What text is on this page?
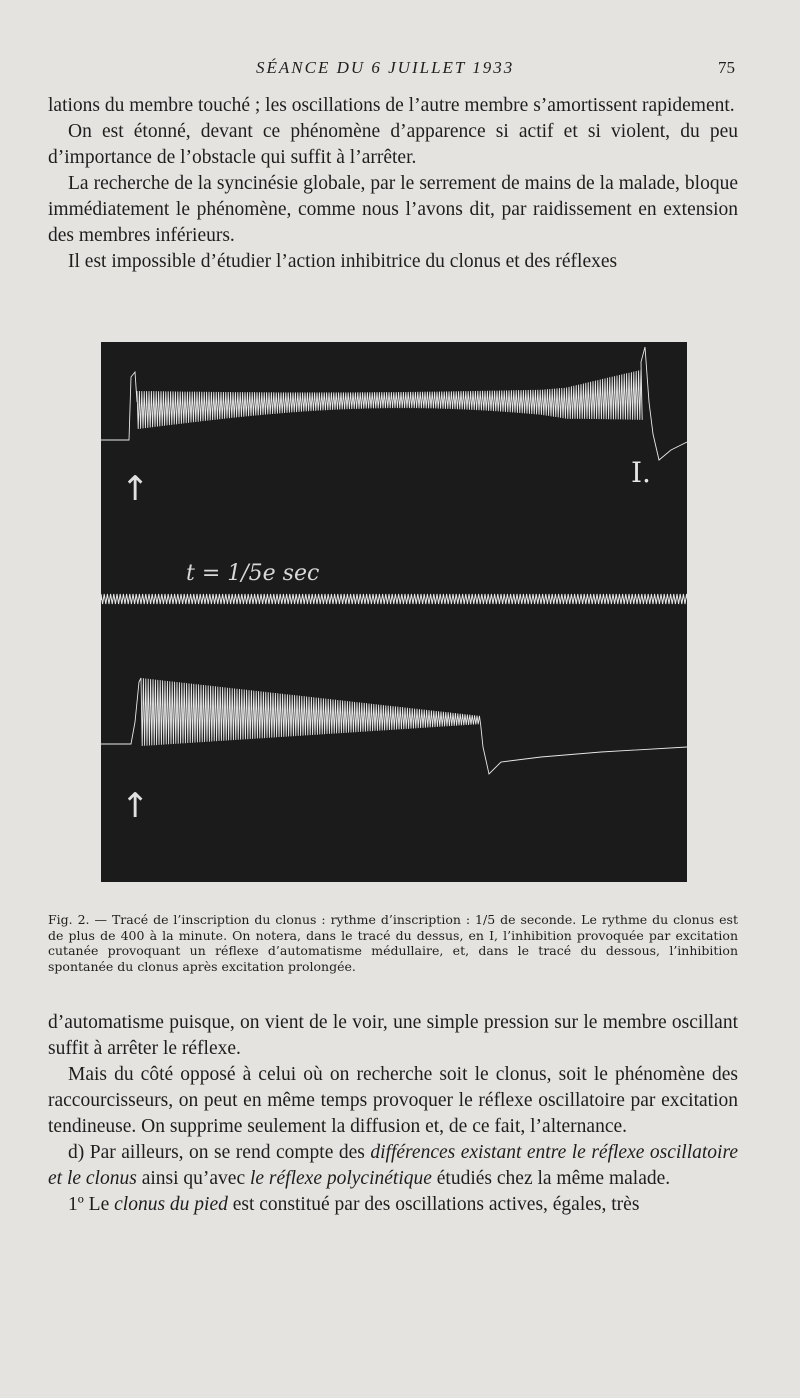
SÉANCE DU 6 JUILLET 1933	75

lations du membre touché ; les oscillations de l’autre membre s’amortissent rapidement.

On est étonné, devant ce phénomène d’apparence si actif et si violent, du peu d’importance de l’obstacle qui suffit à l’arrêter.

La recherche de la syncinésie globale, par le serrement de mains de la malade, bloque immédiatement le phénomène, comme nous l’avons dit, par raidissement en extension des membres inférieurs.

Il est impossible d’étudier l’action inhibitrice du clonus et des réflexes

↑
↑
I.
t = 1/5e sec
Fig. 2. — Tracé de l’inscription du clonus : rythme d’inscription : 1/5 de seconde. Le rythme du clonus est de plus de 400 à la minute. On notera, dans le tracé du dessus, en I, l’inhibition provoquée par excitation cutanée provoquant un réflexe d’automatisme médullaire, et, dans le tracé du dessous, l’inhibition spontanée du clonus après excitation prolongée.

d’automatisme puisque, on vient de le voir, une simple pression sur le membre oscillant suffit à arrêter le réflexe.

Mais du côté opposé à celui où on recherche soit le clonus, soit le phénomène des raccourcisseurs, on peut en même temps provoquer le réflexe oscillatoire par excitation tendineuse. On supprime seulement la diffusion et, de ce fait, l’alternance.

d) Par ailleurs, on se rend compte des différences existant entre le réflexe oscillatoire et le clonus ainsi qu’avec le réflexe polycinétique étudiés chez la même malade.

1º Le clonus du pied est constitué par des oscillations actives, égales, très
